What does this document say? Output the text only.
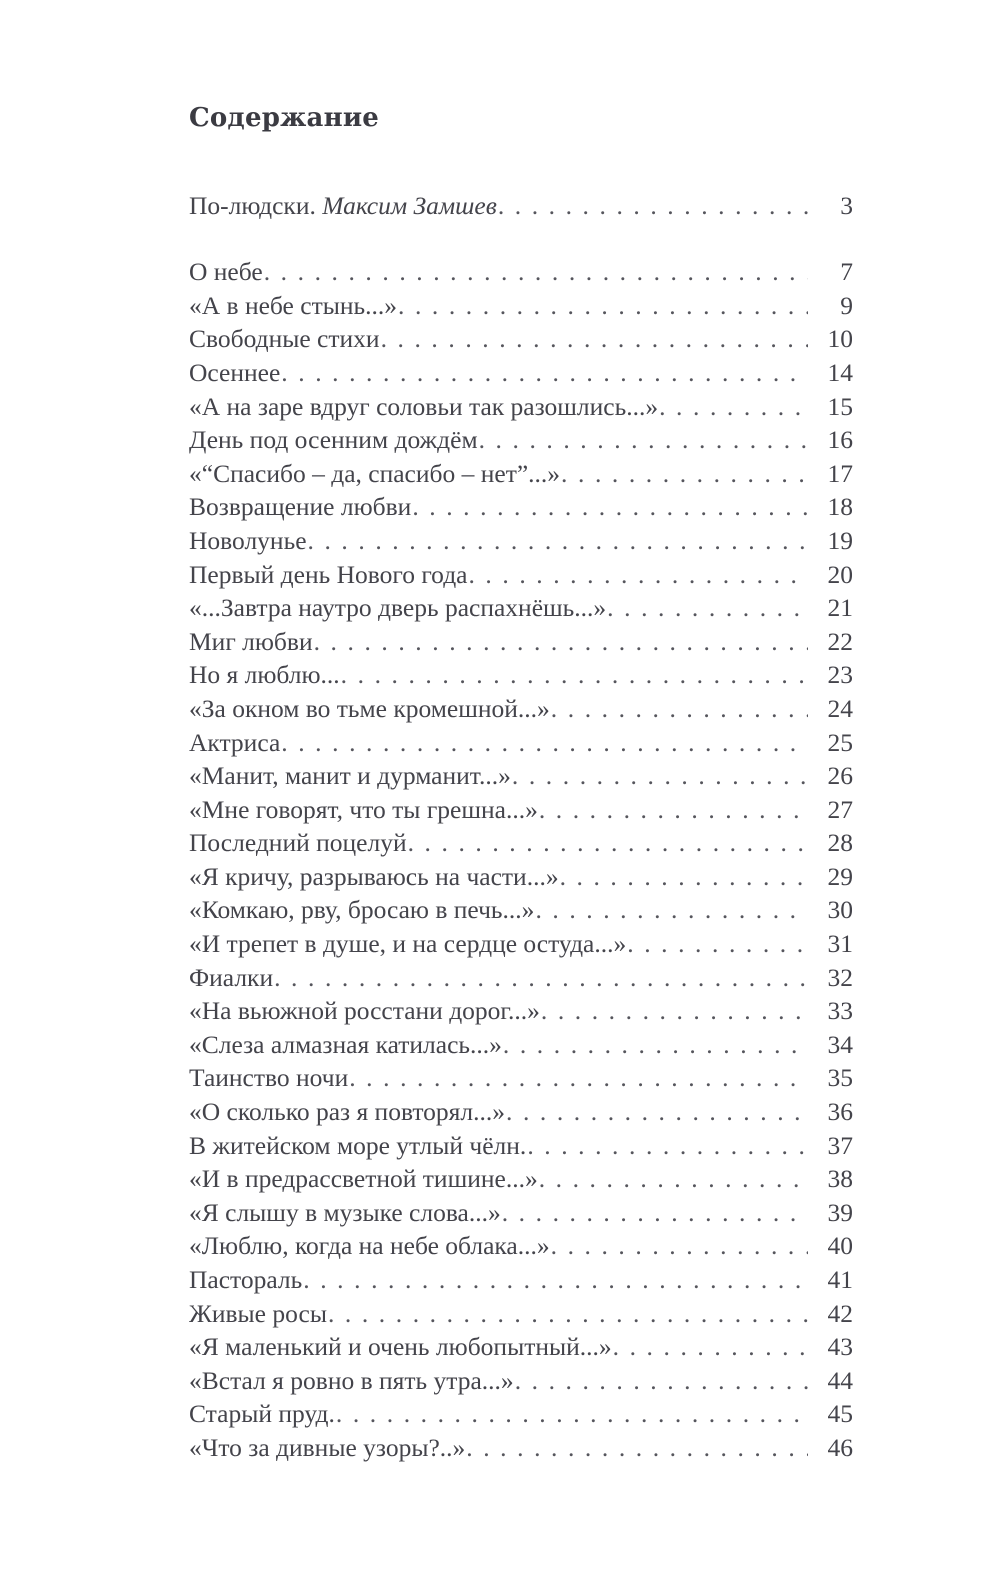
Содержание
По-людски. Максим Замшев . . .	3
О небе . . .	7
«А в небе стынь...» . . .	9
Свободные стихи . . .	10
Осеннее . . .	14
«А на заре вдруг соловьи так разошлись...» . . .	15
День под осенним дождём . . .	16
«“Спасибо – да, спасибо – нет”...» . . .	17
Возвращение любви . . .	18
Новолунье . . .	19
Первый день Нового года . . .	20
«...Завтра наутро дверь распахнёшь...» . . .	21
Миг любви . . .	22
Но я люблю... . . .	23
«За окном во тьме кромешной...» . . .	24
Актриса . . .	25
«Манит, манит и дурманит...» . . .	26
«Мне говорят, что ты грешна...» . . .	27
Последний поцелуй . . .	28
«Я кричу, разрываюсь на части...» . . .	29
«Комкаю, рву, бросаю в печь...» . . .	30
«И трепет в душе, и на сердце остуда...» . . .	31
Фиалки . . .	32
«На вьюжной росстани дорог...» . . .	33
«Слеза алмазная катилась...» . . .	34
Таинство ночи . . .	35
«О сколько раз я повторял...» . . .	36
В житейском море утлый чёлн. . . .	37
«И в предрассветной тишине...» . . .	38
«Я слышу в музыке слова...» . . .	39
«Люблю, когда на небе облака...» . . .	40
Пастораль . . .	41
Живые росы . . .	42
«Я маленький и очень любопытный...» . . .	43
«Встал я ровно в пять утра...» . . .	44
Старый пруд. . . .	45
«Что за дивные узоры?..» . . .	46
